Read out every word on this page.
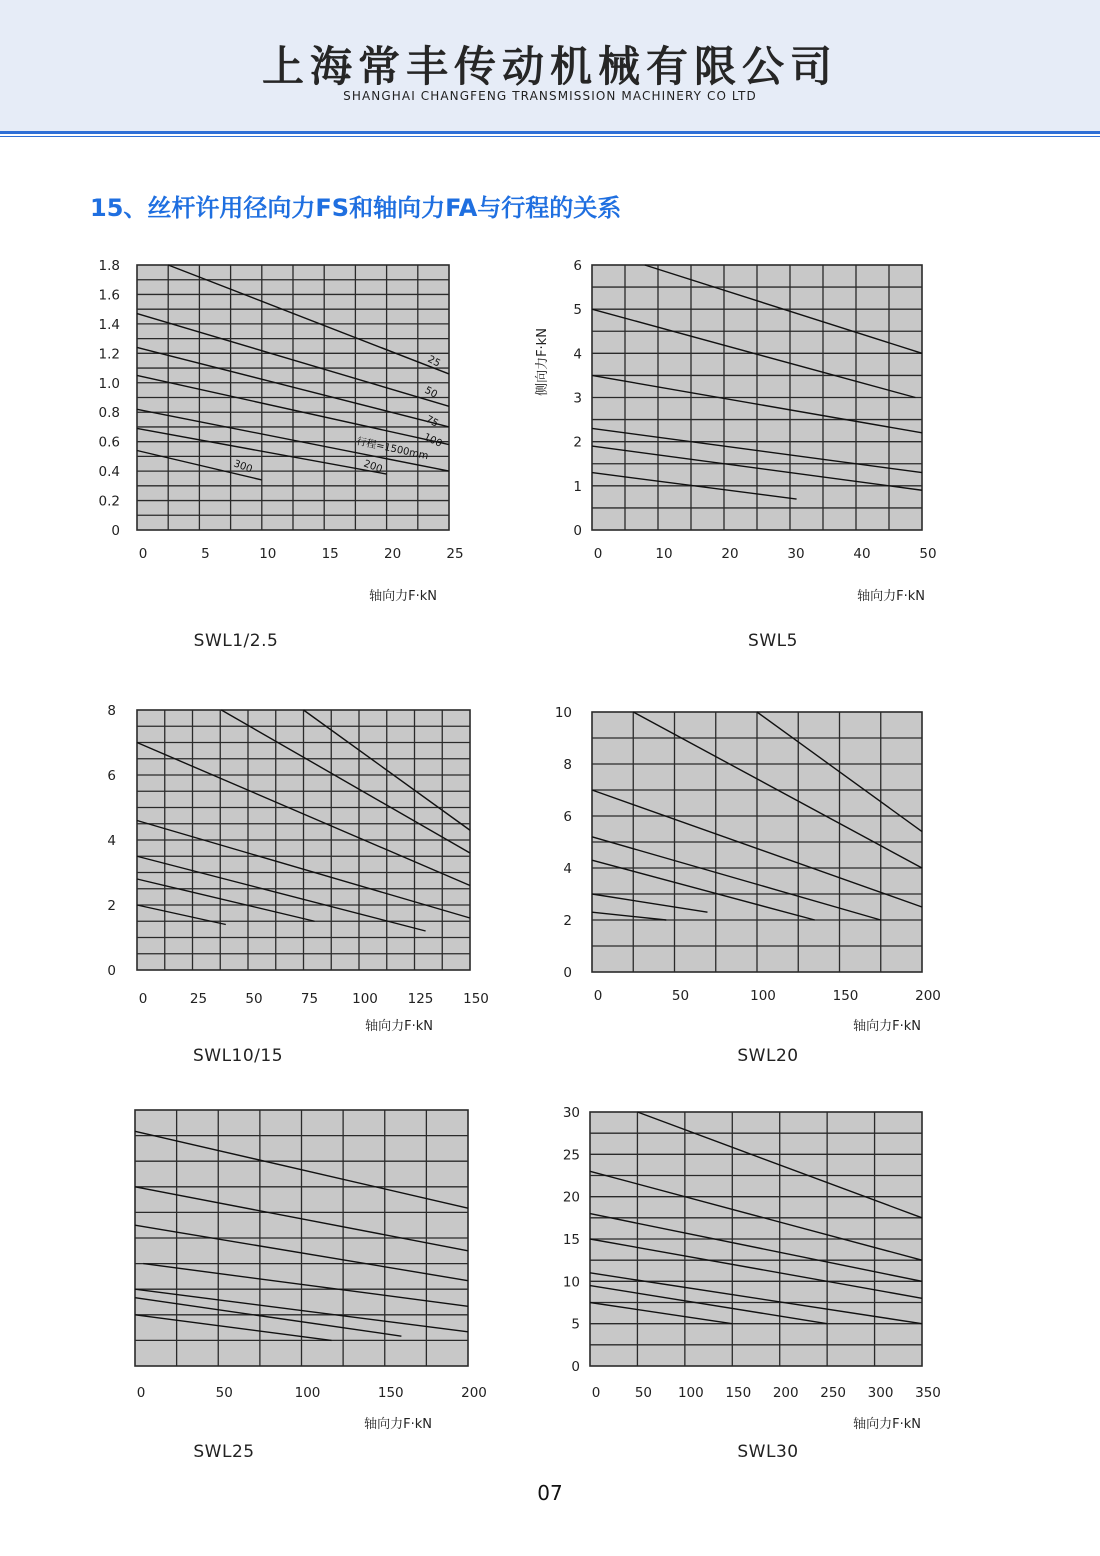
上海常丰传动机械有限公司
SHANGHAI CHANGFENG TRANSMISSION MACHINERY CO LTD
15、丝杆许用径向力FS和轴向力FA与行程的关系
0	5	10	15	20	25
0
0.2
0.4
0.6
0.8
1.0
1.2
1.4
1.6
1.8
25
50
75
100
行程=1500mm
200
300
轴向力F·kN
SWL1/2.5
0	10	20	30	40	50
0
1
2
3
4
5
6
轴向力F·kN
侧向力F·kN
SWL5
0	25	50	75	100 125 150
0
2
4
6
8
轴向力F·kN
SWL10/15
0	50	100	150	200
0
2
4
6
8
10
轴向力F·kN
SWL20
0	50	100	150	200
轴向力F·kN
SWL25
0	50 100 150 200 250 300 350
0
5
10
15
20
25
30
轴向力F·kN
SWL30
07
